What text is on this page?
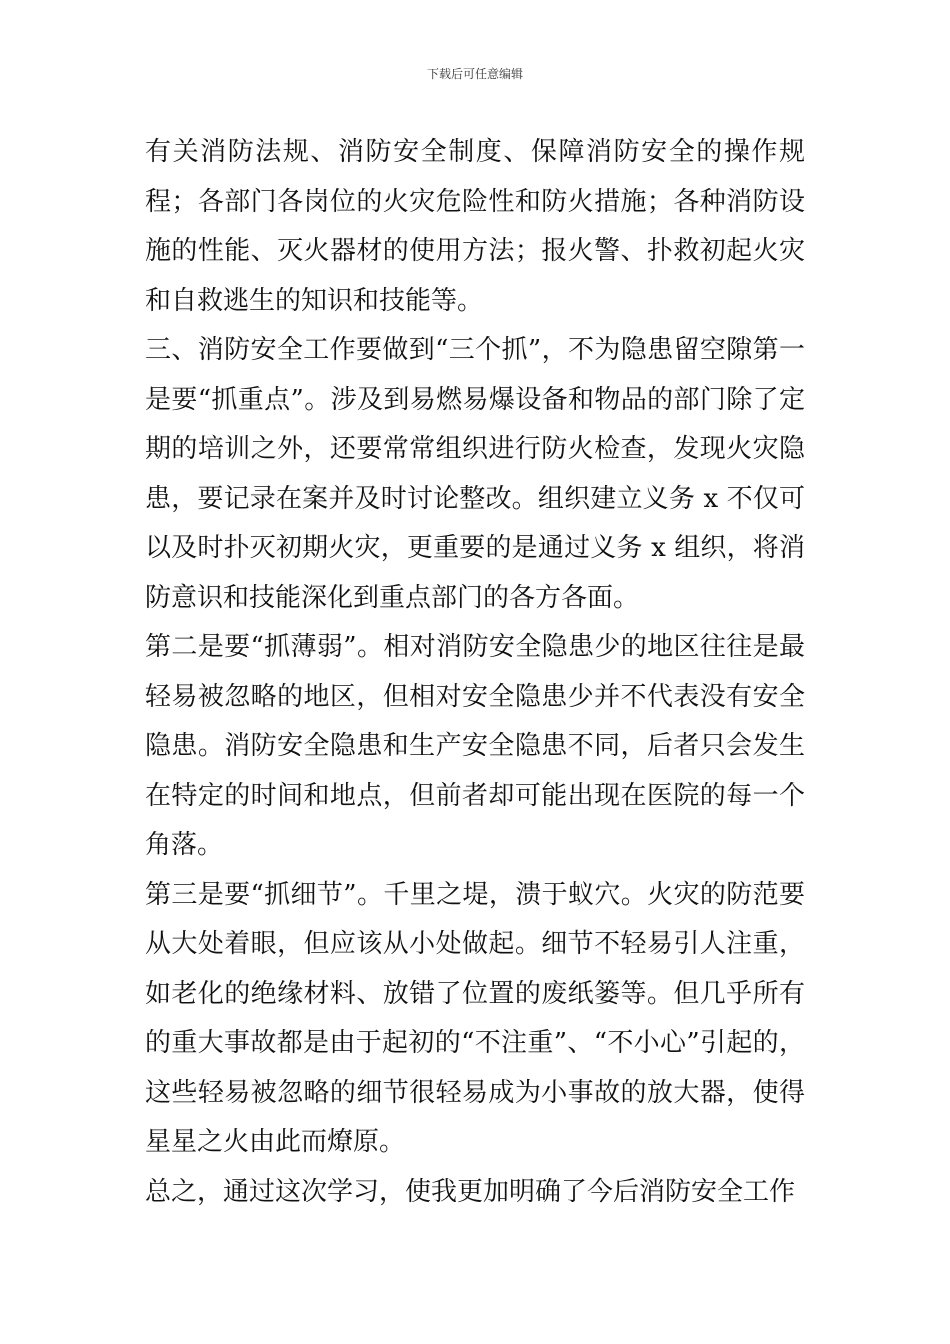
下载后可任意编辑

有关消防法规、消防安全制度、保障消防安全的操作规程；各部门各岗位的火灾危险性和防火措施；各种消防设施的性能、灭火器材的使用方法；报火警、扑救初起火灾和自救逃生的知识和技能等。

三、消防安全工作要做到“三个抓”，不为隐患留空隙第一是要“抓重点”。涉及到易燃易爆设备和物品的部门除了定期的培训之外，还要常常组织进行防火检查，发现火灾隐患，要记录在案并及时讨论整改。组织建立义务 x 不仅可以及时扑灭初期火灾，更重要的是通过义务 x 组织，将消防意识和技能深化到重点部门的各方各面。

第二是要“抓薄弱”。相对消防安全隐患少的地区往往是最轻易被忽略的地区，但相对安全隐患少并不代表没有安全隐患。消防安全隐患和生产安全隐患不同，后者只会发生在特定的时间和地点，但前者却可能出现在医院的每一个角落。

第三是要“抓细节”。千里之堤，溃于蚁穴。火灾的防范要从大处着眼，但应该从小处做起。细节不轻易引人注重，如老化的绝缘材料、放错了位置的废纸篓等。但几乎所有的重大事故都是由于起初的“不注重”、“不小心”引起的，这些轻易被忽略的细节很轻易成为小事故的放大器，使得星星之火由此而燎原。

总之，通过这次学习，使我更加明确了今后消防安全工作
